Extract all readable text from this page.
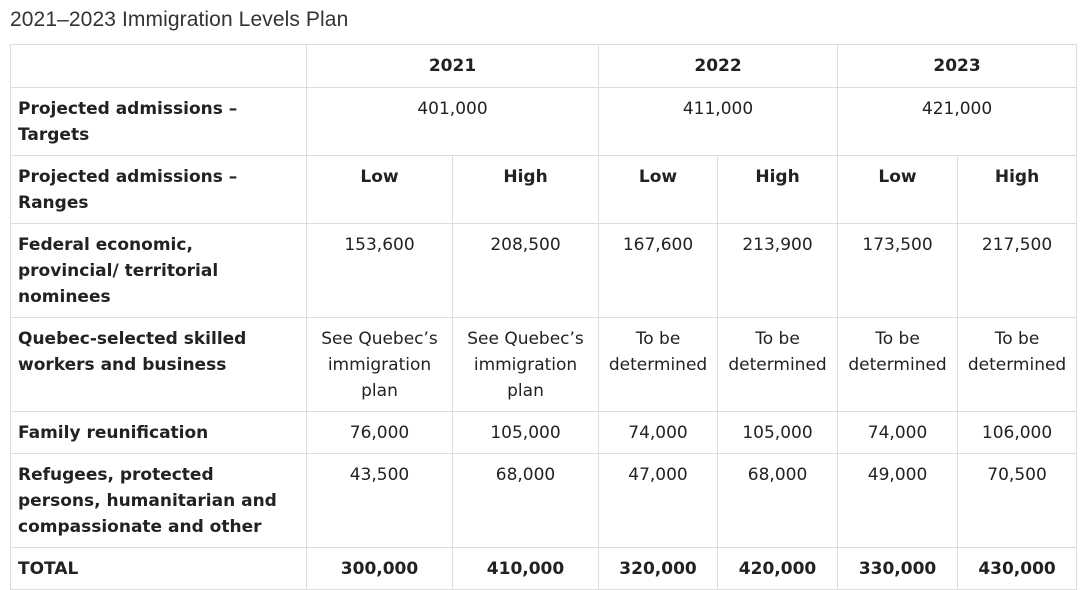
2021–2023 Immigration Levels Plan
	2021		2022		2023	
Projected admissions – Targets	401,000		411,000		421,000	
Projected admissions – Ranges	Low	High	Low	High	Low	High
Federal economic, provincial/ territorial nominees	153,600	208,500	167,600	213,900	173,500	217,500
Quebec-selected skilled workers and business	See Quebec’s immigration plan	See Quebec’s immigration plan	To be determined	To be determined	To be determined	To be determined
Family reunification	76,000	105,000	74,000	105,000	74,000	106,000
Refugees, protected persons, humanitarian and compassionate and other	43,500	68,000	47,000	68,000	49,000	70,500
TOTAL	300,000	410,000	320,000	420,000	330,000	430,000
